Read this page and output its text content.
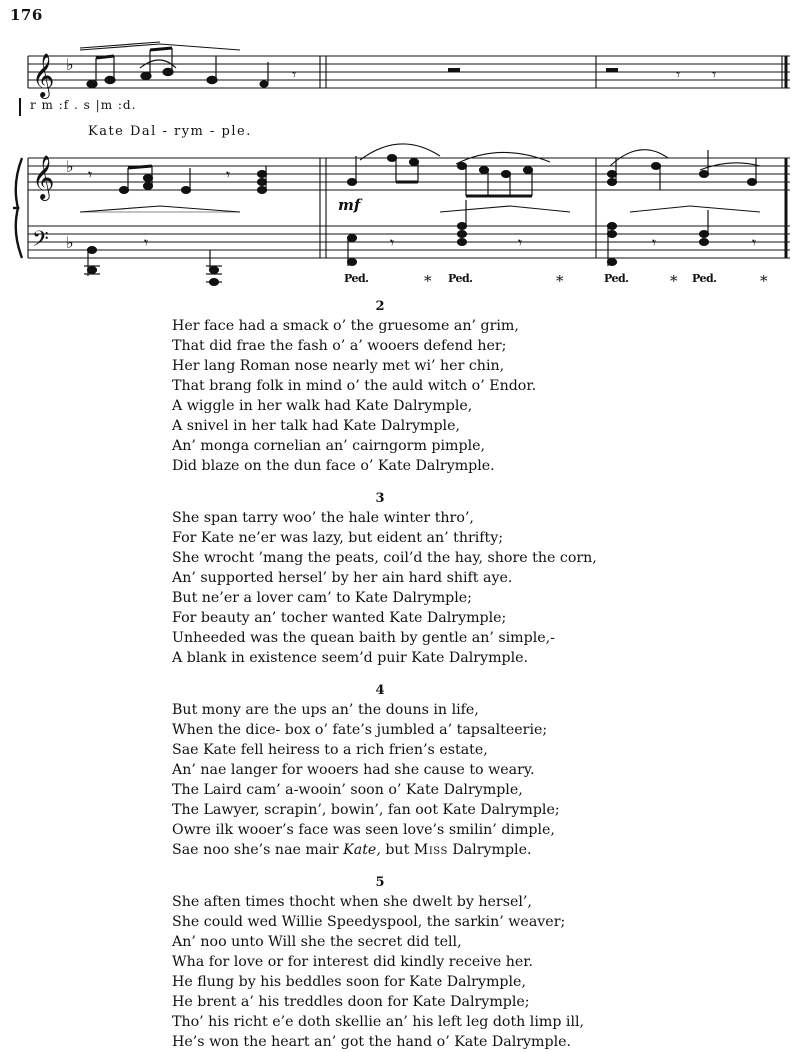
176
𝄞
𝄞
𝄢
♭
♭
♭
𝄾	𝄾 𝄾
𝄾	𝄾
𝄾	𝄾	𝄾	𝄾	𝄾
r m :f . s |m :d.
Kate Dal - rym - ple.
mf
Ped.	* Ped.	*	Ped.	* Ped.	*
2
Her face had a smack o’ the gruesome an’ grim,
That did frae the fash o’ a’ wooers defend her;
Her lang Roman nose nearly met wi’ her chin,
That brang folk in mind o’ the auld witch o’ Endor.
A wiggle in her walk had Kate Dalrymple,
A snivel in her talk had Kate Dalrymple,
An’ monga cornelian an’ cairngorm pimple,
Did blaze on the dun face o’ Kate Dalrymple.
3
She span tarry woo’ the hale winter thro’,
For Kate ne’er was lazy, but eident an’ thrifty;
She wrocht ’mang the peats, coil’d the hay, shore the corn,
An’ supported hersel’ by her ain hard shift aye.
But ne’er a lover cam’ to Kate Dalrymple;
For beauty an’ tocher wanted Kate Dalrymple;
Unheeded was the quean baith by gentle an’ simple,-
A blank in existence seem’d puir Kate Dalrymple.
4
But mony are the ups an’ the douns in life,
When the dice- box o’ fate’s jumbled a’ tapsalteerie;
Sae Kate fell heiress to a rich frien’s estate,
An’ nae langer for wooers had she cause to weary.
The Laird cam’ a-wooin’ soon o’ Kate Dalrymple,
The Lawyer, scrapin’, bowin’, fan oot Kate Dalrymple;
Owre ilk wooer’s face was seen love’s smilin’ dimple,
Sae noo she’s nae mair Kate, but Miss Dalrymple.
5
She aften times thocht when she dwelt by hersel’,
She could wed Willie Speedyspool, the sarkin’ weaver;
An’ noo unto Will she the secret did tell,
Wha for love or for interest did kindly receive her.
He flung by his beddles soon for Kate Dalrymple,
He brent a’ his treddles doon for Kate Dalrymple;
Tho’ his richt e’e doth skellie an’ his left leg doth limp ill,
He’s won the heart an’ got the hand o’ Kate Dalrymple.
